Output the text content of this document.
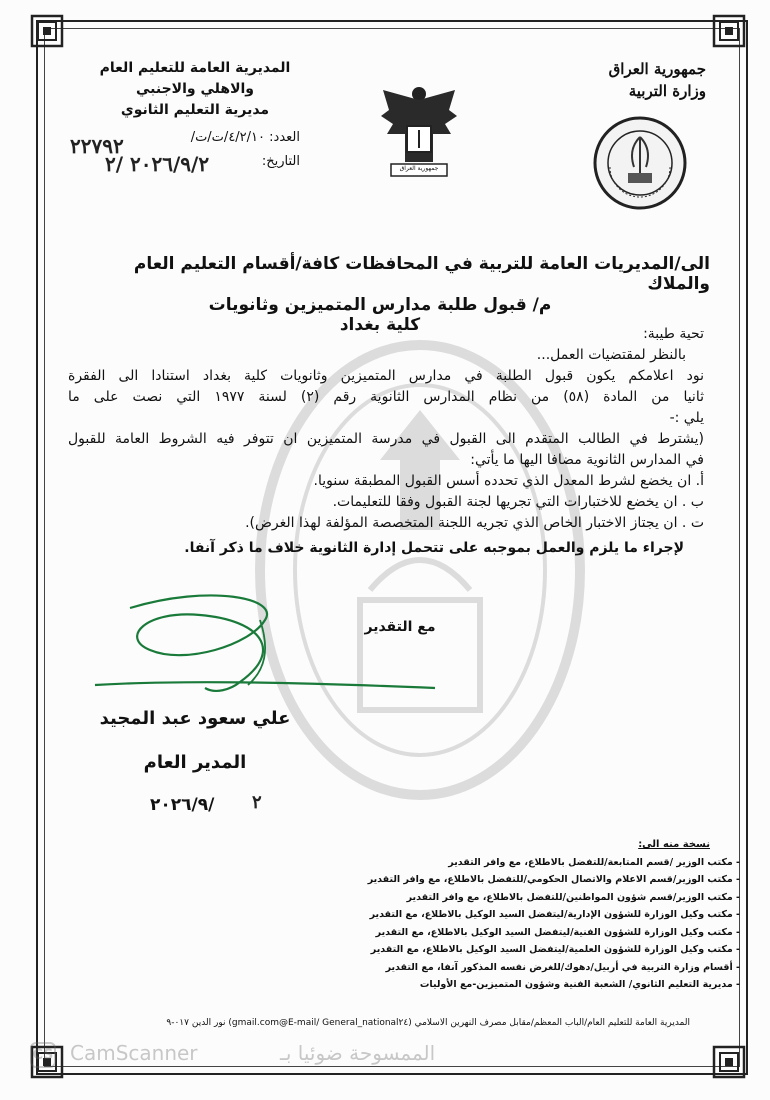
جمهورية العراق
وزارة التربية
جمهورية العراق
المديرية العامة للتعليم العام
والاهلي والاجنبي
مديرية التعليم الثانوي
العدد: ٤/٢/١٠/ت/ت/
٢٢٧٩٢
التاريخ:
٢٠٢٦/٩/٢ /٢
الى/المديريات العامة للتربية في المحافظات كافة/أقسام التعليم العام والملاك
م/ قبول طلبة مدارس المتميزين وثانويات كلية بغداد	تحية طيبة:
بالنظر لمقتضيات العمل...
نود اعلامكم يكون قبول الطلبة في مدارس المتميزين وثانويات كلية بغداد استنادا الى الفقرة
ثانيا من المادة (٥٨) من نظام المدارس الثانوية رقم (٢) لسنة ١٩٧٧ التي نصت على ما
يلي :-
(يشترط في الطالب المتقدم الى القبول في مدرسة المتميزين ان تتوفر فيه الشروط العامة للقبول
في المدارس الثانوية مضافا اليها ما يأتي:
أ. ان يخضع لشرط المعدل الذي تحدده أسس القبول المطبقة سنويا.
ب . ان يخضع للاختبارات التي تجريها لجنة القبول وفقا للتعليمات.
ت . ان يجتاز الاختبار الخاص الذي تجريه اللجنة المتخصصة المؤلفة لهذا الغرض).
لإجراء ما يلزم والعمل بموجبه على تتحمل إدارة الثانوية خلاف ما ذكر آنفا.
مع التقدير
علي سعود عبد المجيد
المدير العام
٢٠٢٦/٩/ ٢
نسخة منه الى:
- مكتب الوزير /قسم المتابعة/للتفضل بالاطلاع، مع وافر التقدير
- مكتب الوزير/قسم الاعلام والاتصال الحكومي/للتفضل بالاطلاع، مع وافر التقدير
- مكتب الوزير/قسم شؤون المواطنين/للتفضل بالاطلاع، مع وافر التقدير
- مكتب وكيل الوزارة للشؤون الإدارية/ليتفضل السيد الوكيل بالاطلاع، مع التقدير
- مكتب وكيل الوزارة للشؤون الفنية/ليتفضل السيد الوكيل بالاطلاع، مع التقدير
- مكتب وكيل الوزارة للشؤون العلمية/ليتفضل السيد الوكيل بالاطلاع، مع التقدير
- أقسام وزارة التربية في أربيل/دهوك/للغرض نفسه المذكور آنفا، مع التقدير
- مديرية التعليم الثانوي/ الشعبة الفنية وشؤون المتميزين-مع الأوليات
المديرية العامة للتعليم العام/الباب المعظم/مقابل مصرف النهرين الاسلامي (E-mail/ General_national٢٤@gmail.com) نور الدين ٠١٧-٩
CS CamScanner	الممسوحة ضوئيا بـ
